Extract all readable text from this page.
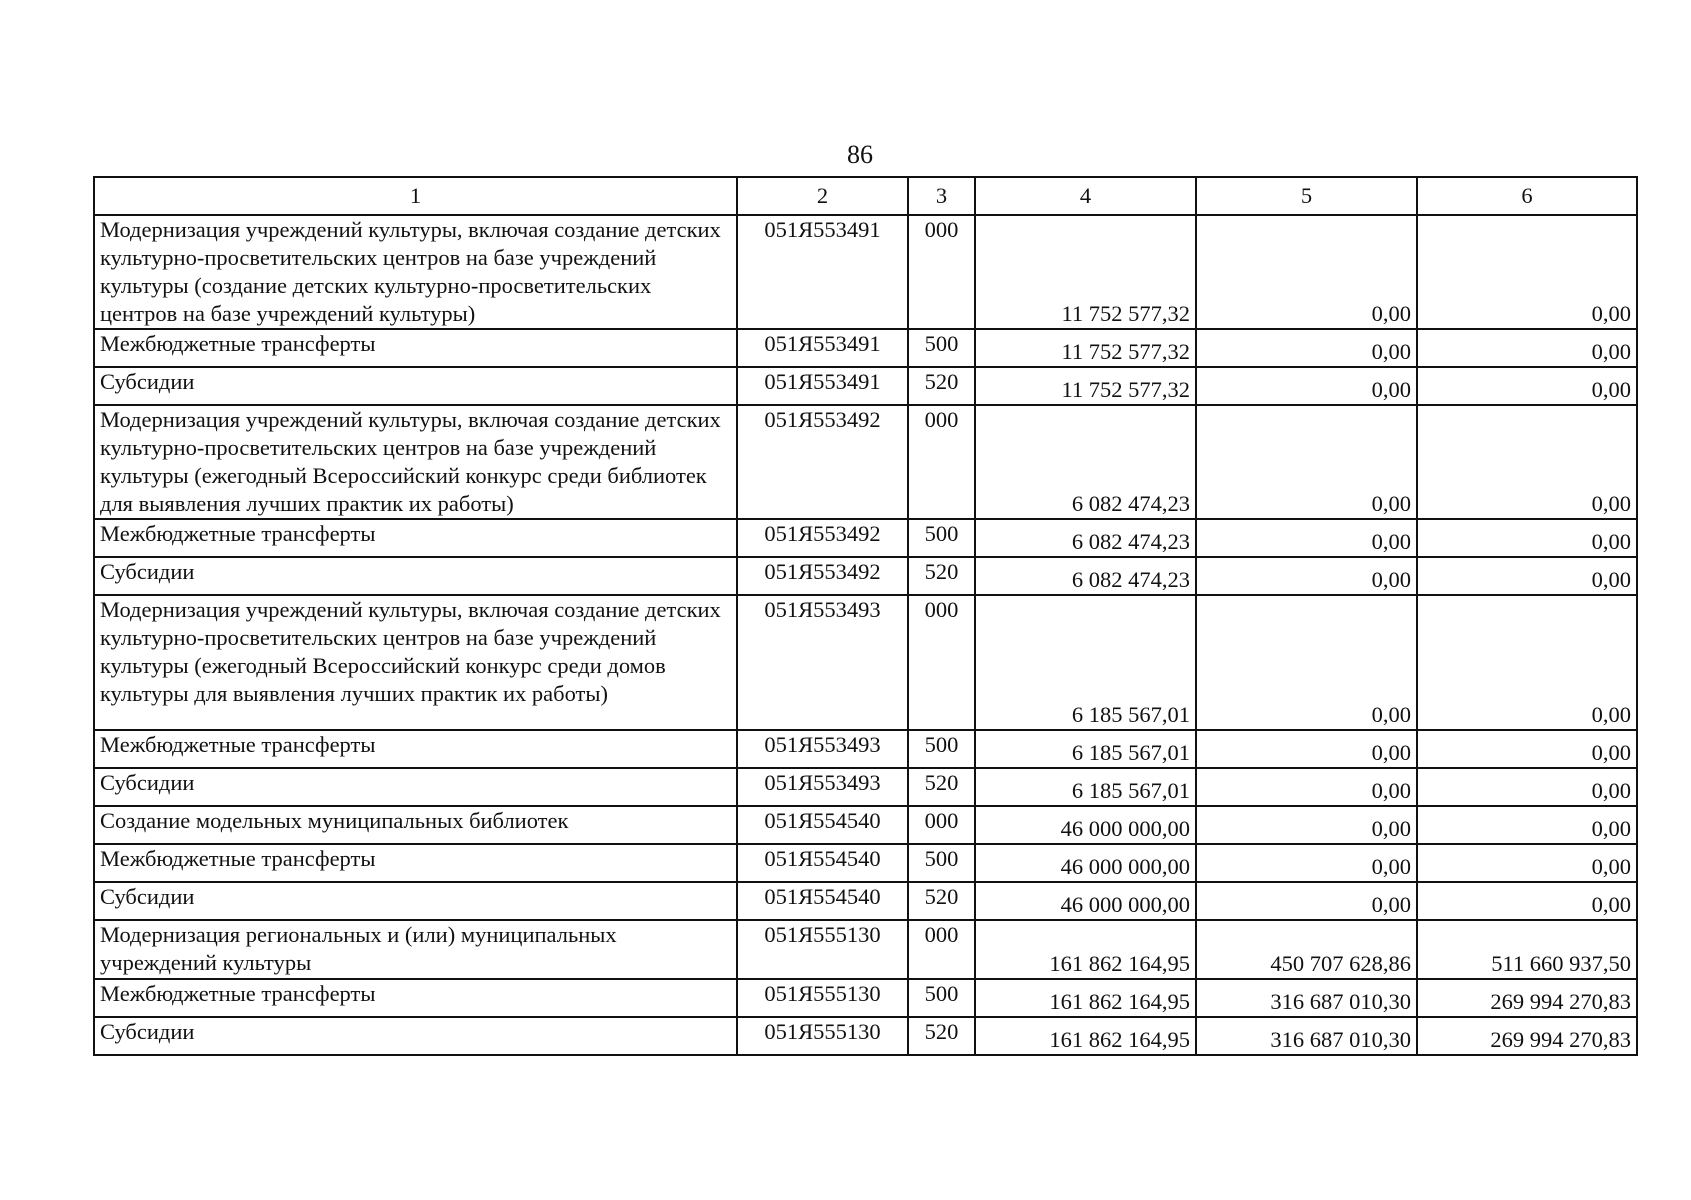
86
1	2	3	4	5	6
Модернизация учреждений культуры, включая создание детских культурно-просветительских центров на базе учреждений культуры (создание детских культурно-просветительских центров на базе учреждений культуры)	051Я553491	000	11 752 577,32	0,00	0,00
Межбюджетные трансферты	051Я553491	500	11 752 577,32	0,00	0,00
Субсидии	051Я553491	520	11 752 577,32	0,00	0,00
Модернизация учреждений культуры, включая создание детских культурно-просветительских центров на базе учреждений культуры (ежегодный Всероссийский конкурс среди библиотек для выявления лучших практик их работы)	051Я553492	000	6 082 474,23	0,00	0,00
Межбюджетные трансферты	051Я553492	500	6 082 474,23	0,00	0,00
Субсидии	051Я553492	520	6 082 474,23	0,00	0,00
Модернизация учреждений культуры, включая создание детских культурно-просветительских центров на базе учреждений культуры (ежегодный Всероссийский конкурс среди домов культуры для выявления лучших практик их работы)	051Я553493	000	6 185 567,01	0,00	0,00
Межбюджетные трансферты	051Я553493	500	6 185 567,01	0,00	0,00
Субсидии	051Я553493	520	6 185 567,01	0,00	0,00
Создание модельных муниципальных библиотек	051Я554540	000	46 000 000,00	0,00	0,00
Межбюджетные трансферты	051Я554540	500	46 000 000,00	0,00	0,00
Субсидии	051Я554540	520	46 000 000,00	0,00	0,00
Модернизация региональных и (или) муниципальных учреждений культуры	051Я555130	000	161 862 164,95	450 707 628,86	511 660 937,50
Межбюджетные трансферты	051Я555130	500	161 862 164,95	316 687 010,30	269 994 270,83
Субсидии	051Я555130	520	161 862 164,95	316 687 010,30	269 994 270,83
